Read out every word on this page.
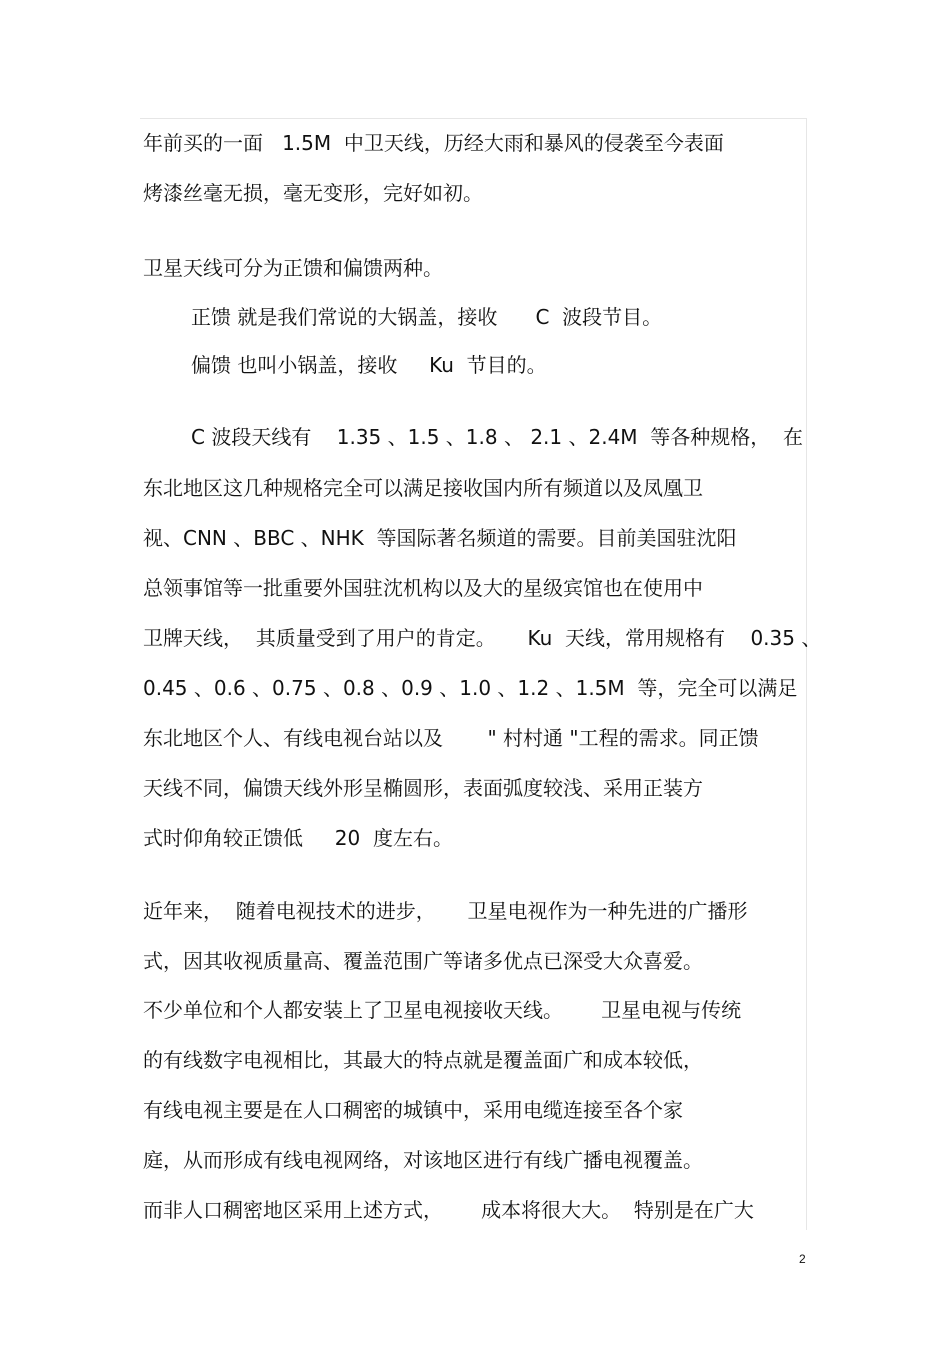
年前买的一面   1.5M  中卫天线，历经大雨和暴风的侵袭至今表面
烤漆丝毫无损，毫无变形，完好如初。
卫星天线可分为正馈和偏馈两种。
正馈 就是我们常说的大锅盖，接收      C  波段节目。
偏馈 也叫小锅盖，接收     Ku  节目的。
C 波段天线有    1.35 、1.5 、1.8 、 2.1 、2.4M  等各种规格，  在
东北地区这几种规格完全可以满足接收国内所有频道以及凤凰卫
视、CNN 、BBC 、NHK  等国际著名频道的需要。目前美国驻沈阳
总领事馆等一批重要外国驻沈机构以及大的星级宾馆也在使用中
卫牌天线，  其质量受到了用户的肯定。     Ku  天线，常用规格有    0.35 、
0.45 、0.6 、0.75 、0.8 、0.9 、1.0 、1.2 、1.5M  等，完全可以满足
东北地区个人、有线电视台站以及       " 村村通 "工程的需求。同正馈
天线不同，偏馈天线外形呈椭圆形，表面弧度较浅、采用正装方
式时仰角较正馈低     20  度左右。
近年来，  随着电视技术的进步，     卫星电视作为一种先进的广播形
式，因其收视质量高、覆盖范围广等诸多优点已深受大众喜爱。
不少单位和个人都安装上了卫星电视接收天线。      卫星电视与传统
的有线数字电视相比，其最大的特点就是覆盖面广和成本较低，
有线电视主要是在人口稠密的城镇中，采用电缆连接至各个家
庭，从而形成有线电视网络，对该地区进行有线广播电视覆盖。
而非人口稠密地区采用上述方式，      成本将很大大。  特别是在广大
2
